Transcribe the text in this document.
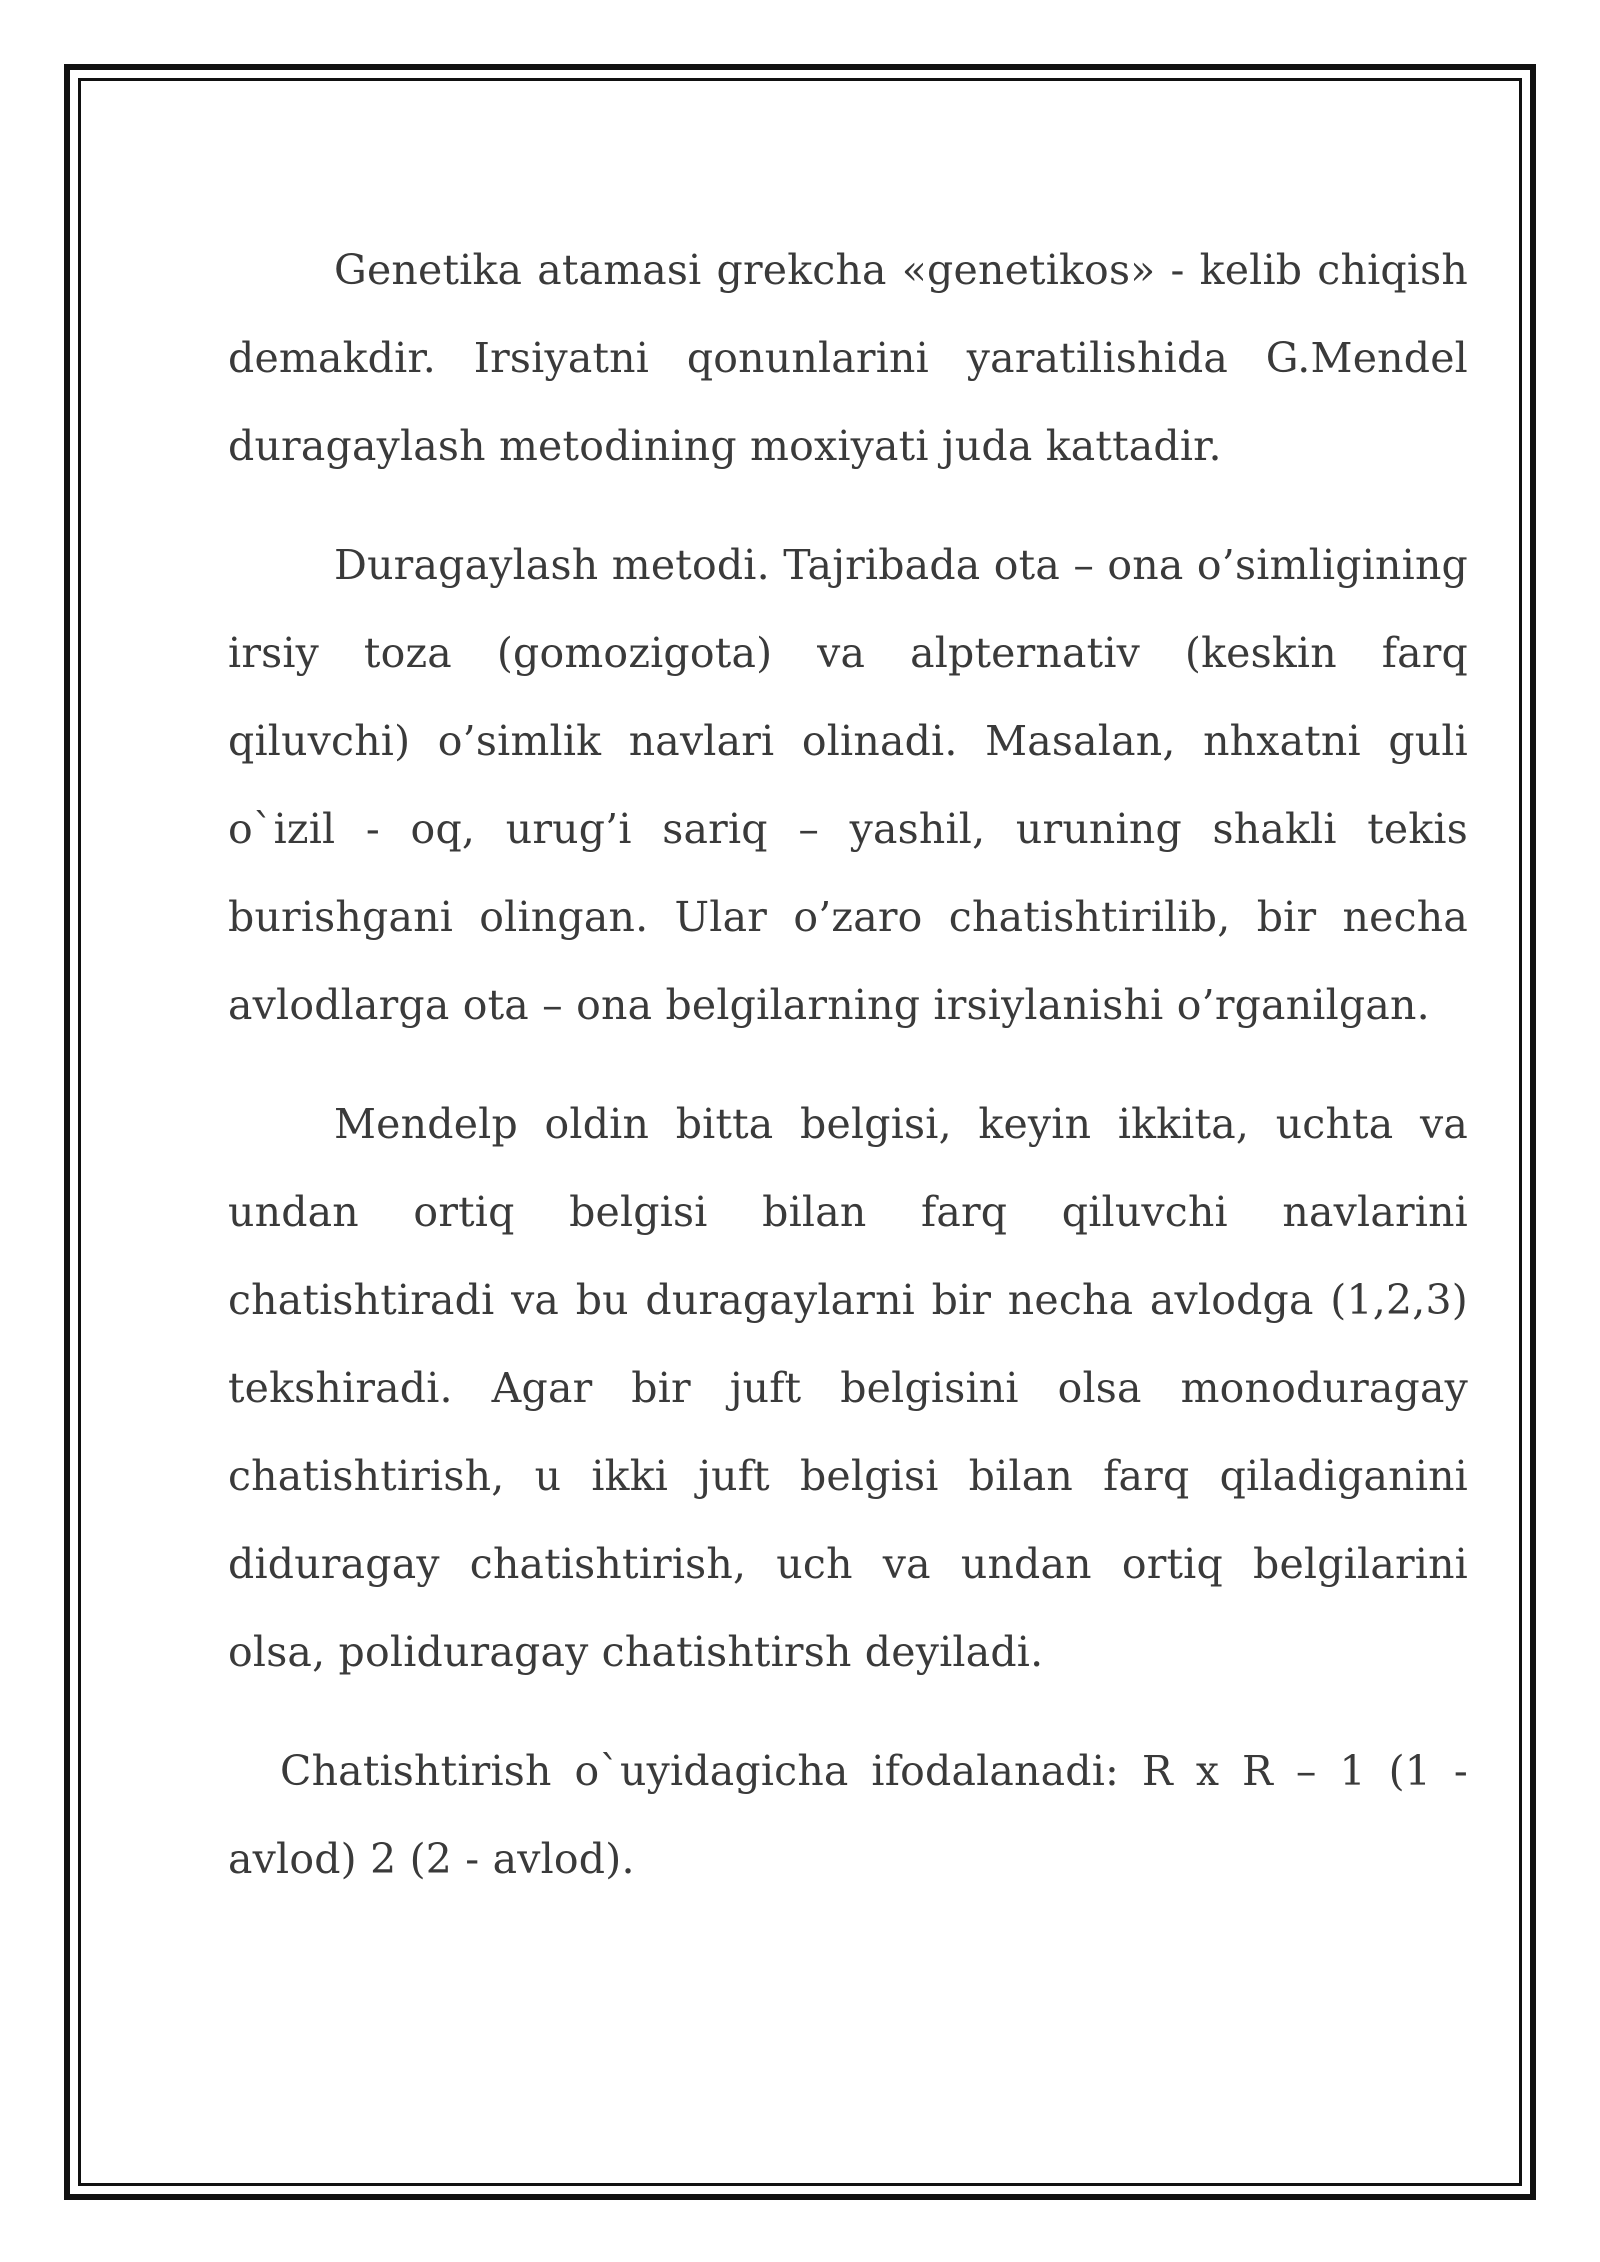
Genetika atamasi grekcha «genetikos» - kelib chiqish demakdir. Irsiyatni qonunlarini yaratilishida G.Mendel duragaylash metodining moxiyati juda kattadir.

Duragaylash metodi. Tajribada ota – ona o’simligining irsiy toza (gomozigota) va alpternativ (keskin farq qiluvchi) o’simlik navlari olinadi. Masalan, nhxatni guli o`izil - oq, urug’i sariq – yashil, uruning shakli tekis burishgani olingan. Ular o’zaro chatishtirilib, bir necha avlodlarga ota – ona belgilarning irsiylanishi o’rganilgan.

Mendelp oldin bitta belgisi, keyin ikkita, uchta va undan ortiq belgisi bilan farq qiluvchi navlarini chatishtiradi va bu duragaylarni bir necha avlodga (1,2,3) tekshiradi. Agar bir juft belgisini olsa monoduragay chatishtirish, u ikki juft belgisi bilan farq qiladiganini diduragay chatishtirish, uch va undan ortiq belgilarini olsa, poliduragay chatishtirsh deyiladi.

Chatishtirish o`uyidagicha ifodalanadi: R x R – 1 (1 - avlod) 2 (2 - avlod).
